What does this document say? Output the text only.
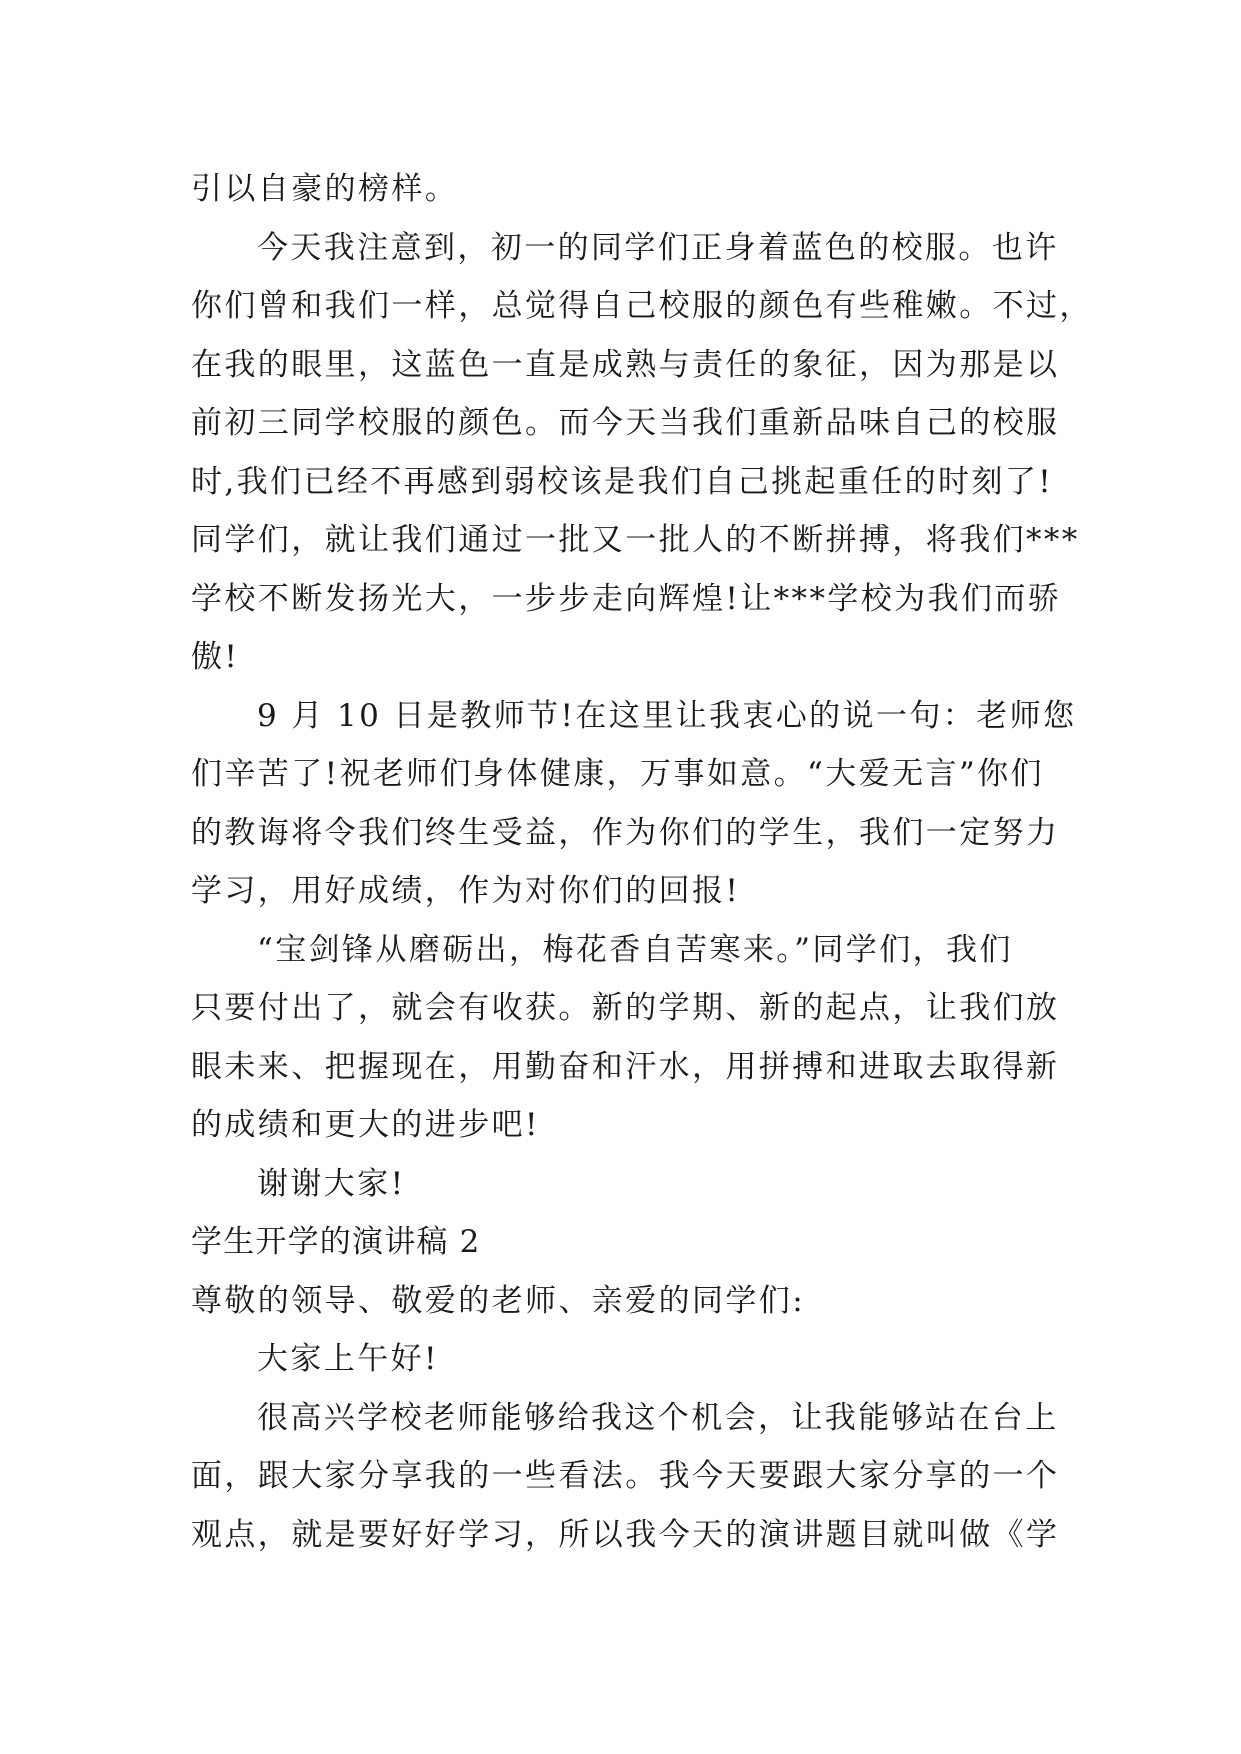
引以自豪的榜样。
今天我注意到，初一的同学们正身着蓝色的校服。也许
你们曾和我们一样，总觉得自己校服的颜色有些稚嫩。不过，
在我的眼里，这蓝色一直是成熟与责任的象征，因为那是以
前初三同学校服的颜色。而今天当我们重新品味自己的校服
时,我们已经不再感到弱校该是我们自己挑起重任的时刻了!
同学们，就让我们通过一批又一批人的不断拼搏，将我们***
学校不断发扬光大，一步步走向辉煌!让***学校为我们而骄
傲!
9 月 10 日是教师节!在这里让我衷心的说一句：老师您
们辛苦了!祝老师们身体健康，万事如意。“大爱无言”你们
的教诲将令我们终生受益，作为你们的学生，我们一定努力
学习，用好成绩，作为对你们的回报!
“宝剑锋从磨砺出，梅花香自苦寒来。”同学们，我们
只要付出了，就会有收获。新的学期、新的起点，让我们放
眼未来、把握现在，用勤奋和汗水，用拼搏和进取去取得新
的成绩和更大的进步吧!
谢谢大家!
学生开学的演讲稿 2
尊敬的领导、敬爱的老师、亲爱的同学们:
大家上午好!
很高兴学校老师能够给我这个机会，让我能够站在台上
面，跟大家分享我的一些看法。我今天要跟大家分享的一个
观点，就是要好好学习，所以我今天的演讲题目就叫做《学
